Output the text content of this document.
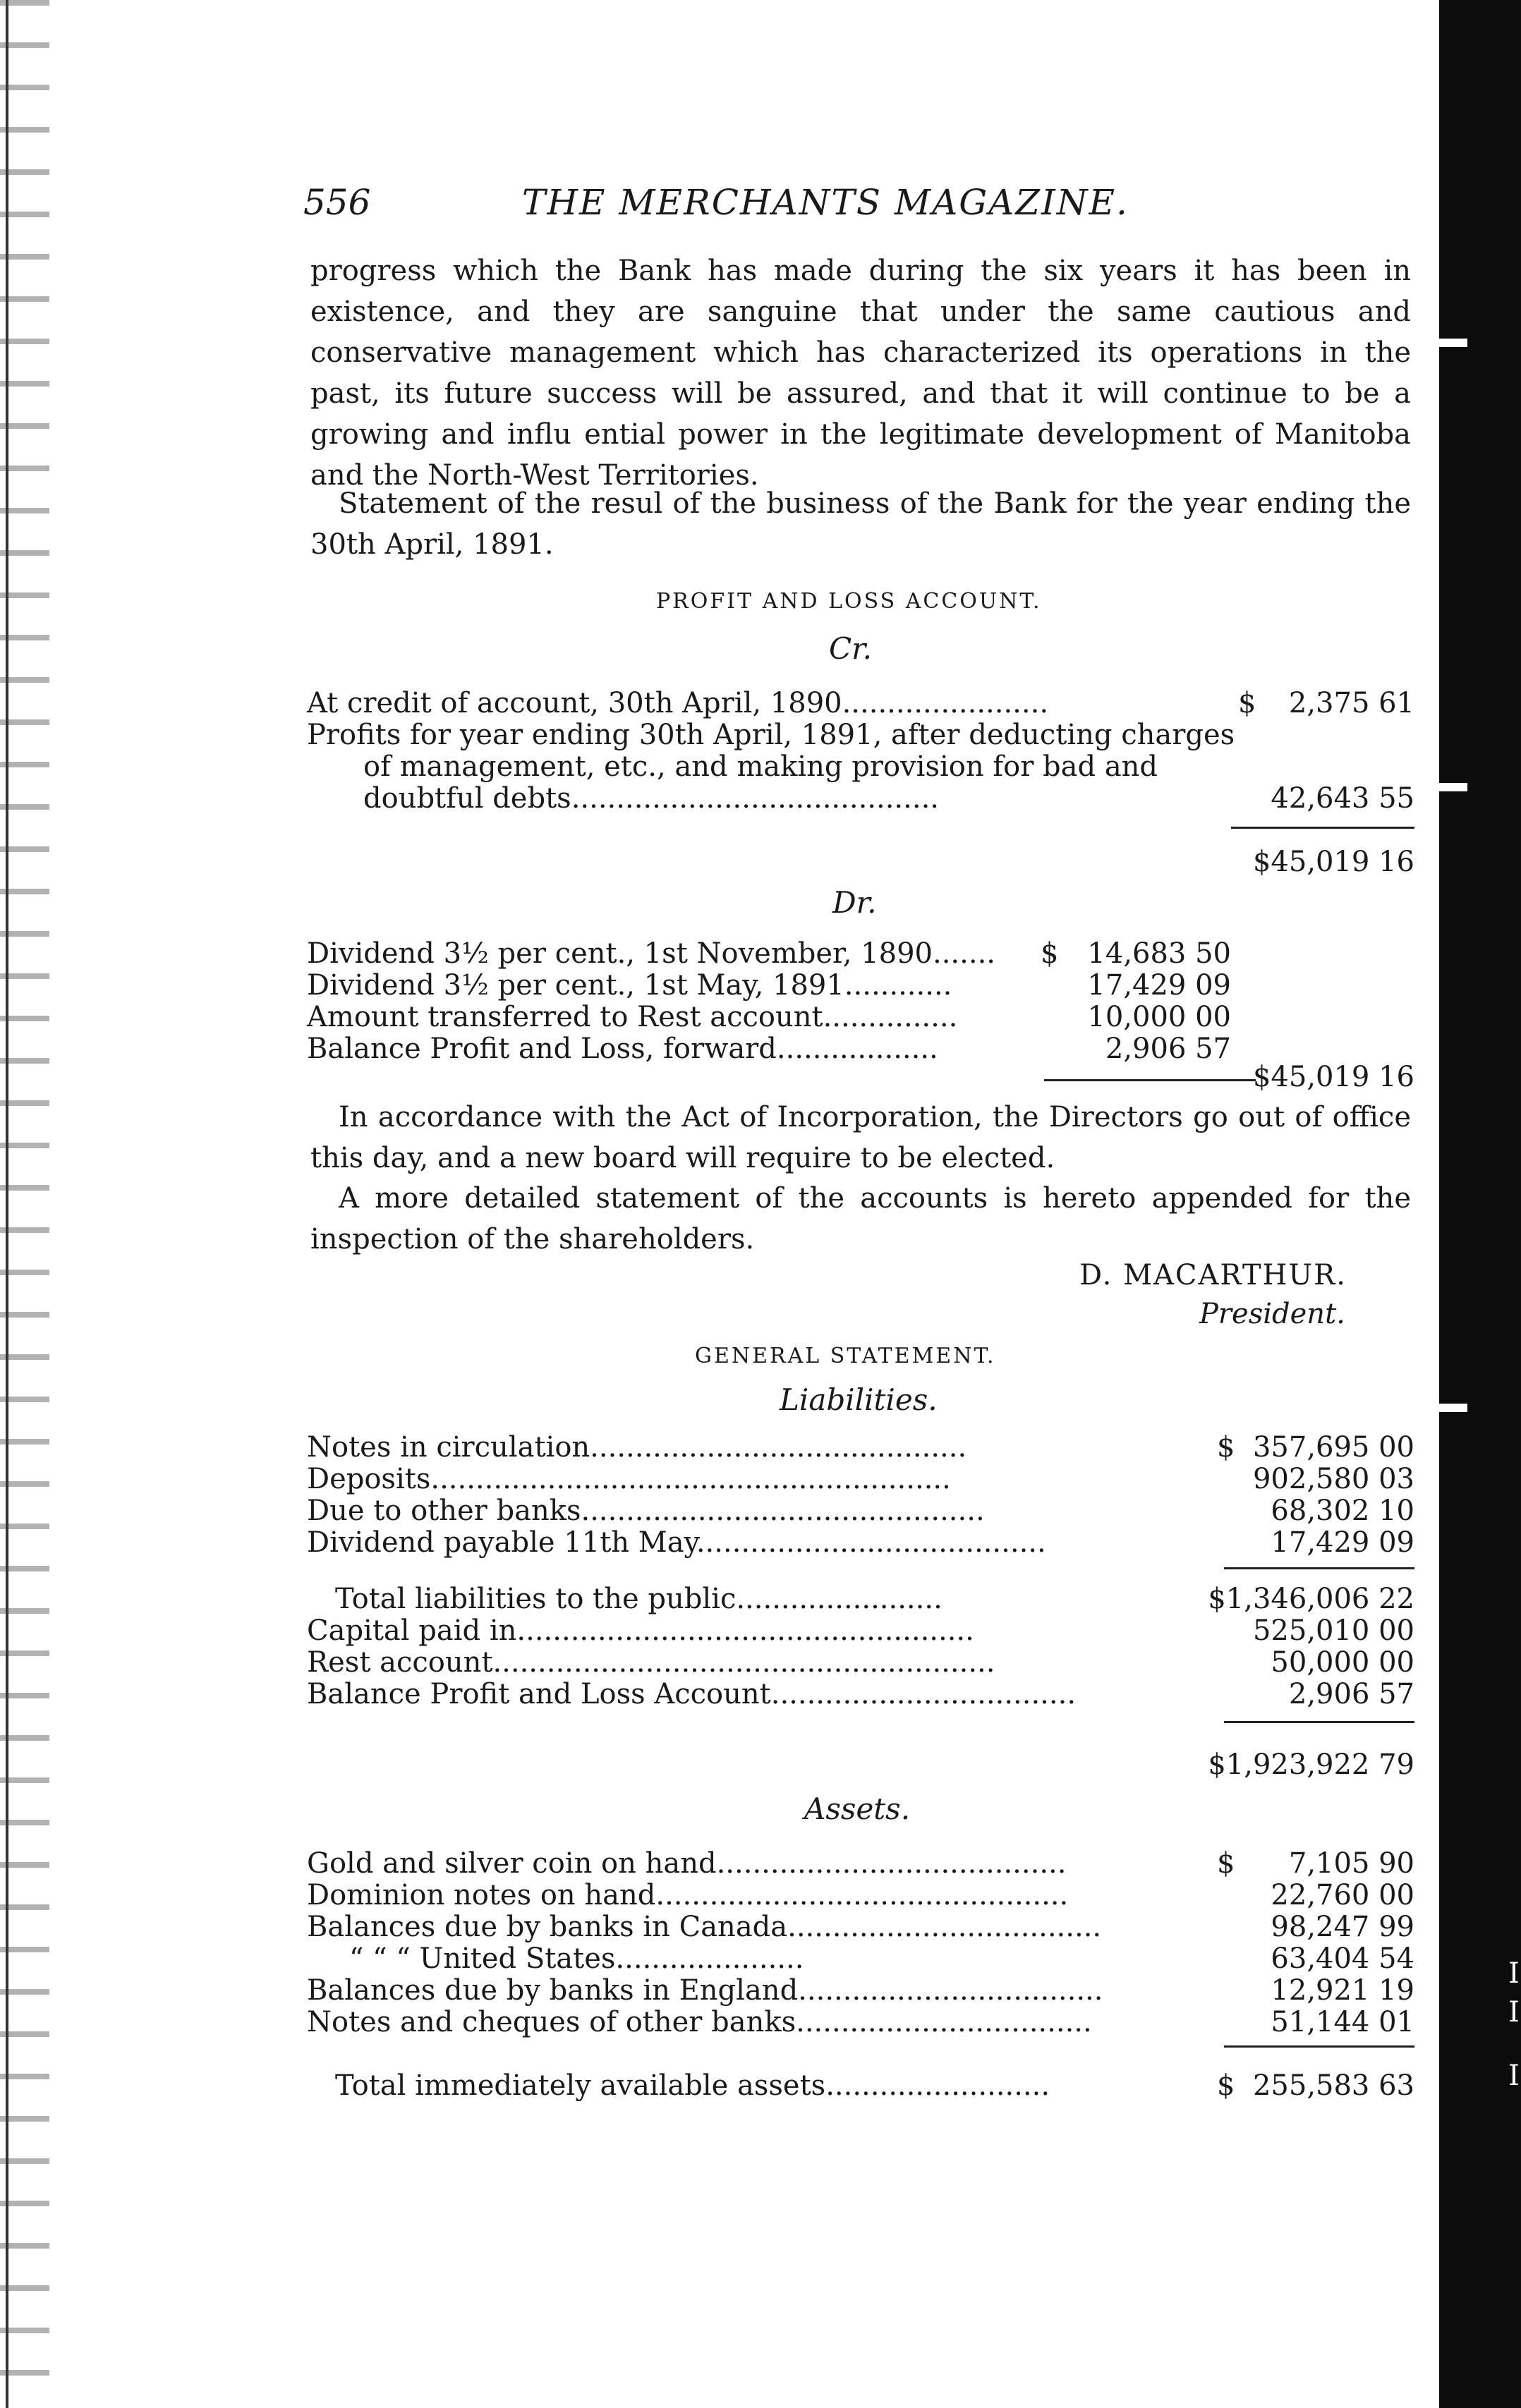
I
I
I
556	THE MERCHANTS MAGAZINE.
progress which the Bank has made during the six years it has been in existence, and they are sanguine that under the same cautious and conservative management which has characterized its operations in the past, its future success will be assured, and that it will continue to be a growing and influ ential power in the legitimate development of Manitoba and the North-West Territories.
Statement of the resul of the business of the Bank for the year ending the 30th April, 1891.
PROFIT AND LOSS ACCOUNT.
Cr.
At credit of account, 30th April, 1890.......................	$ 2,375 61
Profits for year ending 30th April, 1891, after deducting charges
of management, etc., and making provision for bad and
doubtful debts.........................................	42,643 55
$45,019 16
Dr.
Dividend 3½ per cent., 1st November, 1890....... $ 14,683 50
Dividend 3½ per cent., 1st May, 1891............	17,429 09
Amount transferred to Rest account...............	10,000 00
Balance Profit and Loss, forward..................	2,906 57
$45,019 16
In accordance with the Act of Incorporation, the Directors go out of office this day, and a new board will require to be elected.
A more detailed statement of the accounts is hereto appended for the inspection of the shareholders.
D. MACARTHUR.
President.
GENERAL STATEMENT.
Liabilities.
Notes in circulation..........................................	$ 357,695 00
Deposits..........................................................	902,580 03
Due to other banks.............................................	68,302 10
Dividend payable 11th May.......................................	17,429 09
Total liabilities to the public.......................	$1,346,006 22
Capital paid in...................................................	525,010 00
Rest account........................................................	50,000 00
Balance Profit and Loss Account..................................	2,906 57
$1,923,922 79
Assets.
Gold and silver coin on hand.......................................	$ 7,105 90
Dominion notes on hand..............................................	22,760 00
Balances due by banks in Canada...................................	98,247 99
“ “ “ United States.....................	63,404 54
Balances due by banks in England..................................	12,921 19
Notes and cheques of other banks.................................	51,144 01
Total immediately available assets.........................	$ 255,583 63
